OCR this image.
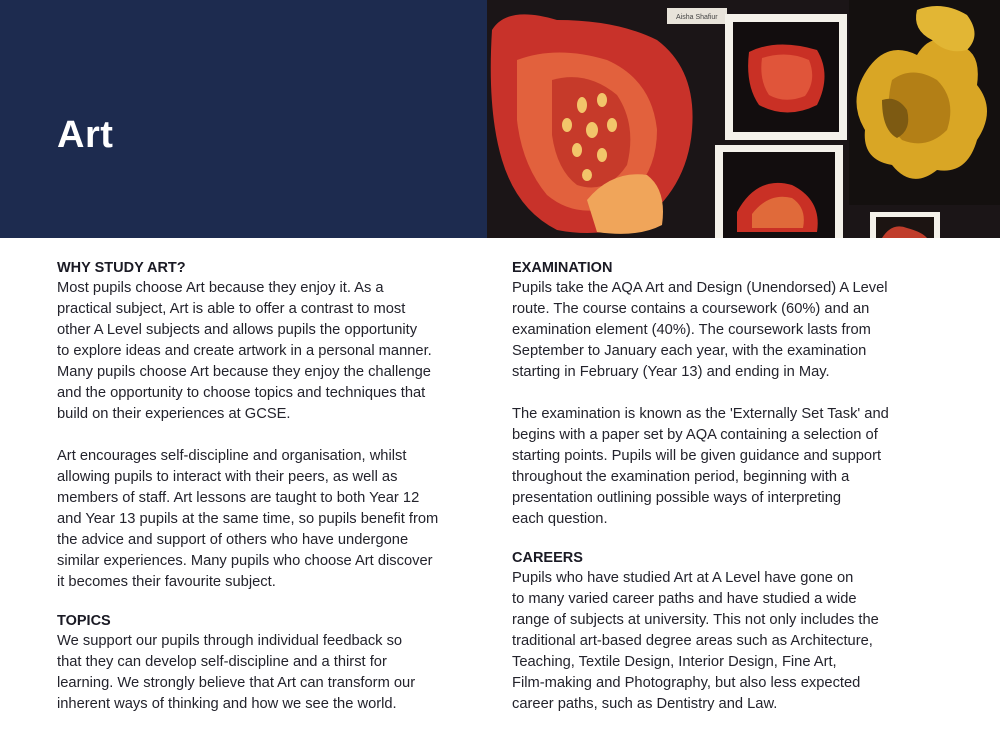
Art
Aisha Shafiur
WHY STUDY ART?

Most pupils choose Art because they enjoy it. As a
practical subject, Art is able to offer a contrast to most
other A Level subjects and allows pupils the opportunity
to explore ideas and create artwork in a personal manner.
Many pupils choose Art because they enjoy the challenge
and the opportunity to choose topics and techniques that
build on their experiences at GCSE.

Art encourages self-discipline and organisation, whilst
allowing pupils to interact with their peers, as well as
members of staff. Art lessons are taught to both Year 12
and Year 13 pupils at the same time, so pupils benefit from
the advice and support of others who have undergone
similar experiences. Many pupils who choose Art discover
it becomes their favourite subject.

TOPICS

We support our pupils through individual feedback so
that they can develop self-discipline and a thirst for
learning. We strongly believe that Art can transform our
inherent ways of thinking and how we see the world.

EXAMINATION

Pupils take the AQA Art and Design (Unendorsed) A Level
route. The course contains a coursework (60%) and an
examination element (40%). The coursework lasts from
September to January each year, with the examination
starting in February (Year 13) and ending in May.

The examination is known as the 'Externally Set Task' and
begins with a paper set by AQA containing a selection of
starting points. Pupils will be given guidance and support
throughout the examination period, beginning with a
presentation outlining possible ways of interpreting
each question.

CAREERS

Pupils who have studied Art at A Level have gone on
to many varied career paths and have studied a wide
range of subjects at university. This not only includes the
traditional art-based degree areas such as Architecture,
Teaching, Textile Design, Interior Design, Fine Art,
Film-making and Photography, but also less expected
career paths, such as Dentistry and Law.
